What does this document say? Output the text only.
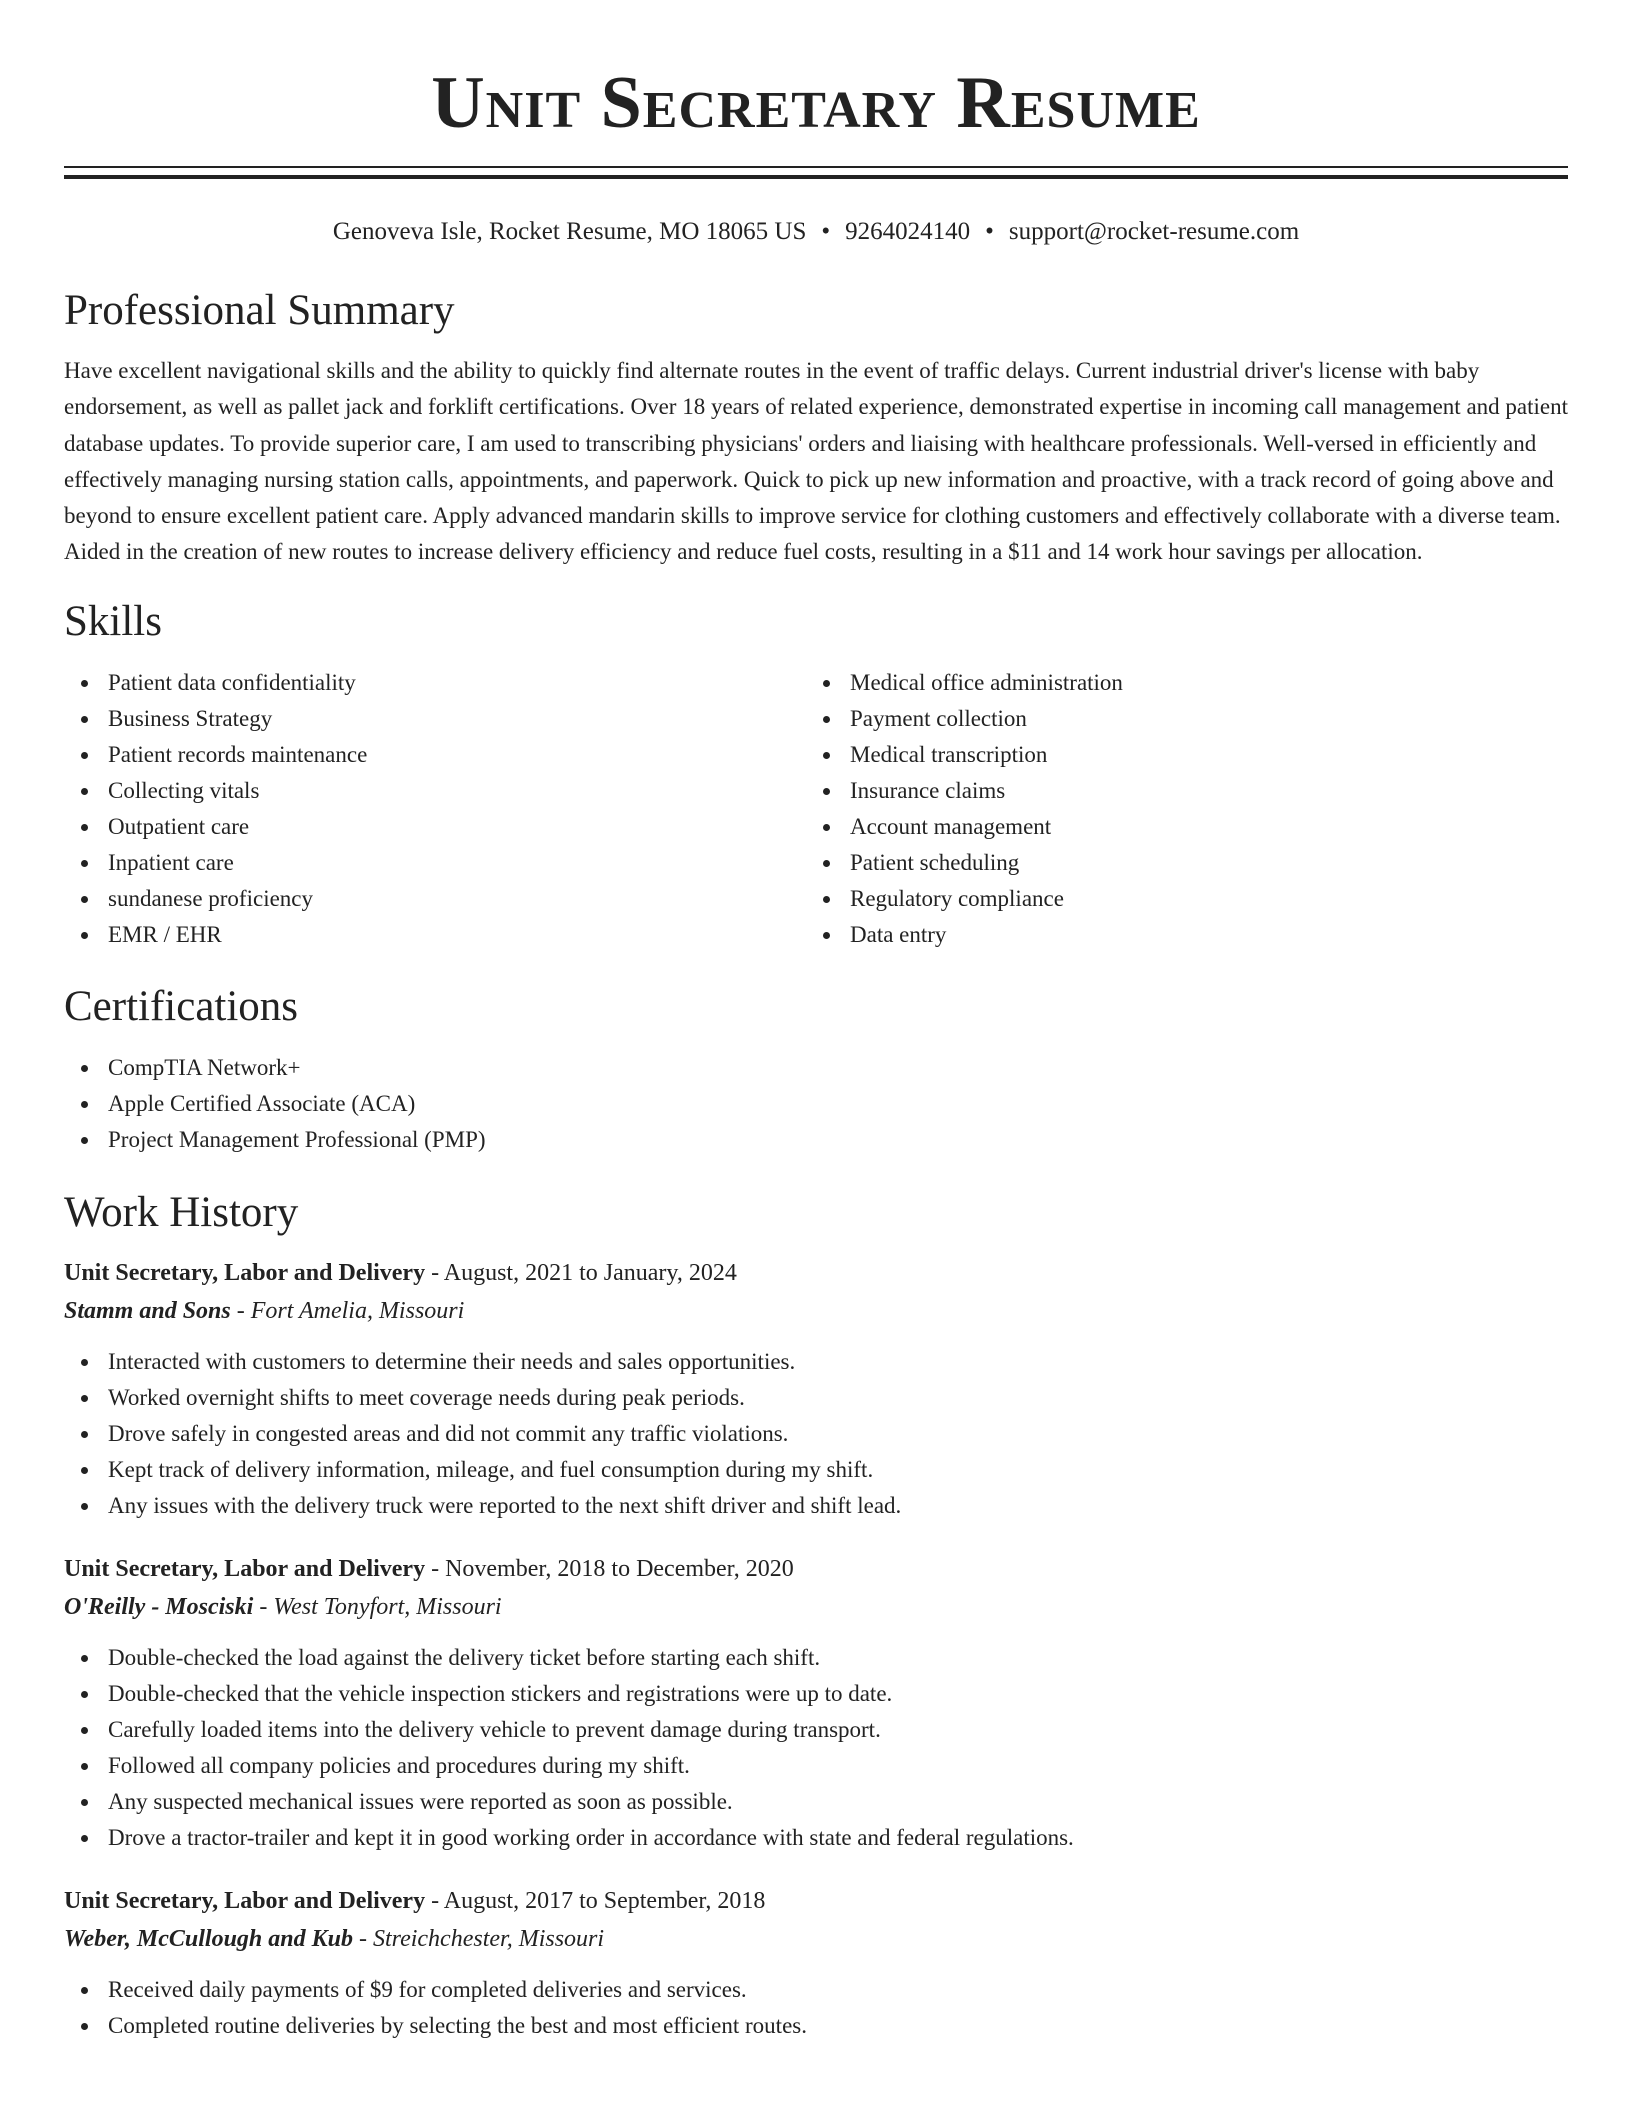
Unit Secretary Resume
Genoveva Isle, Rocket Resume, MO 18065 US • 9264024140 • support@rocket-resume.com
Professional Summary

Have excellent navigational skills and the ability to quickly find alternate routes in the event of traffic delays. Current industrial driver's license with baby endorsement, as well as pallet jack and forklift certifications. Over 18 years of related experience, demonstrated expertise in incoming call management and patient database updates. To provide superior care, I am used to transcribing physicians' orders and liaising with healthcare professionals. Well-versed in efficiently and effectively managing nursing station calls, appointments, and paperwork. Quick to pick up new information and proactive, with a track record of going above and beyond to ensure excellent patient care. Apply advanced mandarin skills to improve service for clothing customers and effectively collaborate with a diverse team. Aided in the creation of new routes to increase delivery efficiency and reduce fuel costs, resulting in a $11 and 14 work hour savings per allocation.

Skills
Patient data confidentiality
Business Strategy
Patient records maintenance
Collecting vitals
Outpatient care
Inpatient care
sundanese proficiency
EMR / EHR
Medical office administration
Payment collection
Medical transcription
Insurance claims
Account management
Patient scheduling
Regulatory compliance
Data entry
Certifications
CompTIA Network+
Apple Certified Associate (ACA)
Project Management Professional (PMP)
Work History
Unit Secretary, Labor and Delivery - August, 2021 to January, 2024
Stamm and Sons - Fort Amelia, Missouri
Interacted with customers to determine their needs and sales opportunities.
Worked overnight shifts to meet coverage needs during peak periods.
Drove safely in congested areas and did not commit any traffic violations.
Kept track of delivery information, mileage, and fuel consumption during my shift.
Any issues with the delivery truck were reported to the next shift driver and shift lead.
Unit Secretary, Labor and Delivery - November, 2018 to December, 2020
O'Reilly - Mosciski - West Tonyfort, Missouri
Double-checked the load against the delivery ticket before starting each shift.
Double-checked that the vehicle inspection stickers and registrations were up to date.
Carefully loaded items into the delivery vehicle to prevent damage during transport.
Followed all company policies and procedures during my shift.
Any suspected mechanical issues were reported as soon as possible.
Drove a tractor-trailer and kept it in good working order in accordance with state and federal regulations.
Unit Secretary, Labor and Delivery - August, 2017 to September, 2018
Weber, McCullough and Kub - Streichchester, Missouri
Received daily payments of $9 for completed deliveries and services.
Completed routine deliveries by selecting the best and most efficient routes.
